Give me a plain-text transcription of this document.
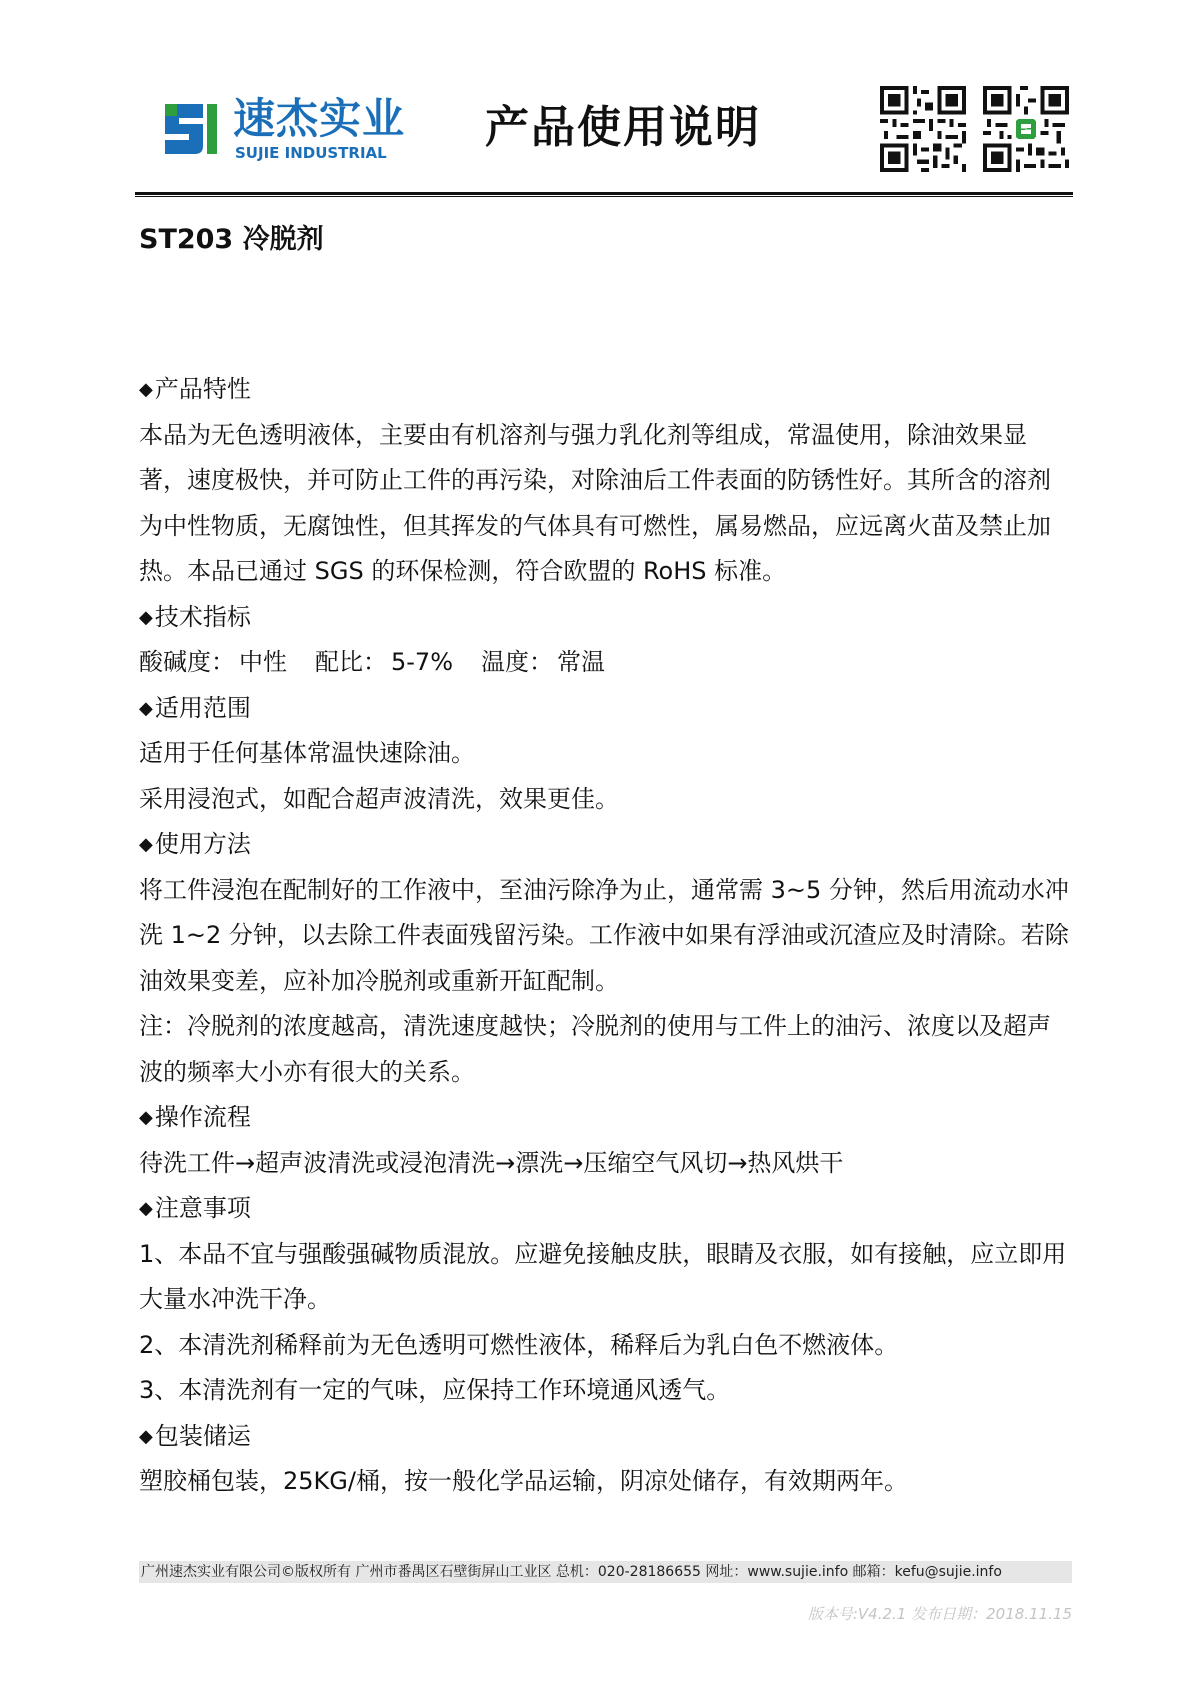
速杰实业
SUJIE INDUSTRIAL 产品使用说明
ST203 冷脱剂

◆产品特性

本品为无色透明液体，主要由有机溶剂与强力乳化剂等组成，常温使用，除油效果显著，速度极快，并可防止工件的再污染，对除油后工件表面的防锈性好。其所含的溶剂为中性物质，无腐蚀性，但其挥发的气体具有可燃性，属易燃品，应远离火苗及禁止加热。本品已通过 SGS 的环保检测，符合欧盟的 RoHS 标准。

◆技术指标

酸碱度： 中性 配比： 5-7% 温度： 常温

◆适用范围

适用于任何基体常温快速除油。

采用浸泡式，如配合超声波清洗，效果更佳。

◆使用方法

将工件浸泡在配制好的工作液中，至油污除净为止，通常需 3~5 分钟，然后用流动水冲洗 1~2 分钟，以去除工件表面残留污染。工作液中如果有浮油或沉渣应及时清除。若除油效果变差，应补加冷脱剂或重新开缸配制。

注：冷脱剂的浓度越高，清洗速度越快；冷脱剂的使用与工件上的油污、浓度以及超声波的频率大小亦有很大的关系。

◆操作流程

待洗工件→超声波清洗或浸泡清洗→漂洗→压缩空气风切→热风烘干

◆注意事项

1、本品不宜与强酸强碱物质混放。应避免接触皮肤，眼睛及衣服，如有接触，应立即用大量水冲洗干净。

2、本清洗剂稀释前为无色透明可燃性液体，稀释后为乳白色不燃液体。

3、本清洗剂有一定的气味，应保持工作环境通风透气。

◆包装储运

塑胶桶包装，25KG/桶，按一般化学品运输，阴凉处储存，有效期两年。

广州速杰实业有限公司©版权所有 广州市番禺区石壁街屏山工业区 总机：020-28186655 网址：www.sujie.info 邮箱：kefu@sujie.info
版本号:V4.2.1 发布日期：2018.11.15
